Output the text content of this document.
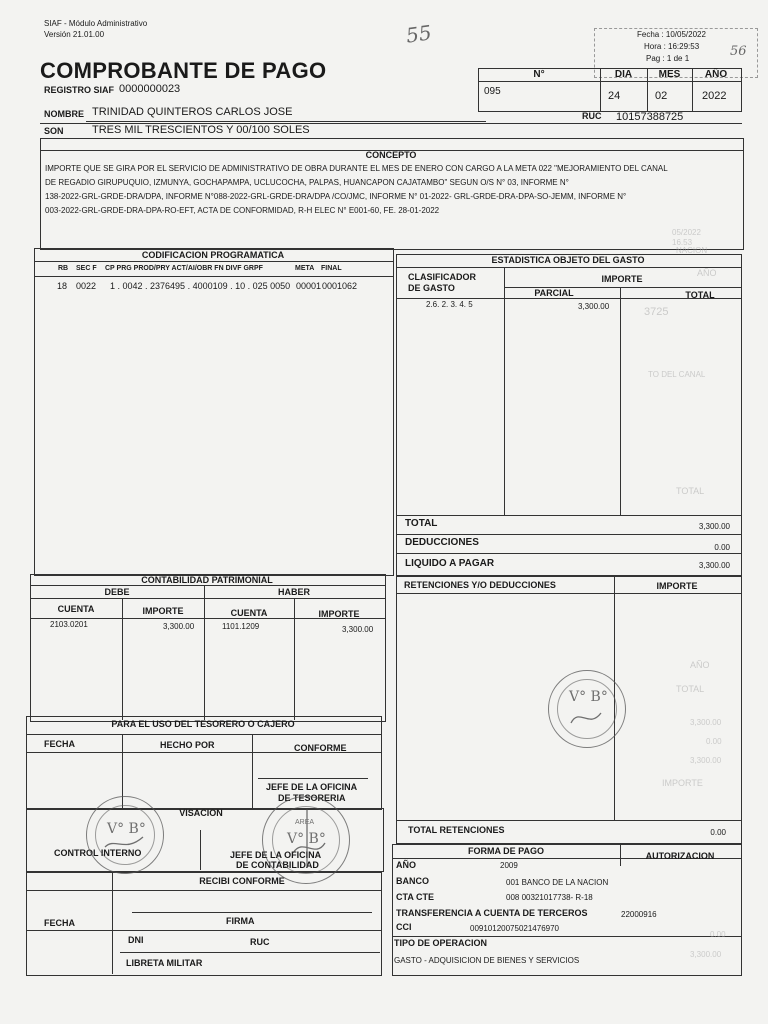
SIAF - Módulo Administrativo
Versión 21.01.00	55	Fecha : 10/05/2022
Hora : 16:29:53
Pag : 1 de 1	56
COMPROBANTE DE PAGO
REGISTRO SIAF 0000000023
N°
095
DIA	MES	AÑO
24	02	2022
NOMBRE TRINIDAD QUINTEROS CARLOS JOSE	RUC 10157388725
SON	TRES MIL TRESCIENTOS Y 00/100 SOLES
CONCEPTO
IMPORTE QUE SE GIRA POR EL SERVICIO DE ADMINISTRATIVO DE OBRA DURANTE EL MES DE ENERO CON CARGO A LA META 022 "MEJORAMIENTO DEL CANAL
DE REGADIO GIRUPUQUIO, IZMUNYA, GOCHAPAMPA, UCLUCOCHA, PALPAS, HUANCAPON CAJATAMBO" SEGUN O/S N° 03, INFORME N°
138-2022-GRL-GRDE-DRA/DPA, INFORME N°088-2022-GRL-GRDE-DRA/DPA /CO/JMC, INFORME N° 01-2022- GRL-GRDE-DRA-DPA-SO-JEMM, INFORME N°
003-2022-GRL-GRDE-DRA-DPA-RO-EFT, ACTA DE CONFORMIDAD, R-H ELEC N° E001-60, FE. 28-01-2022
CODIFICACION PROGRAMATICA
RB SEC F CP PRG PROD/PRY ACT/AI/OBR FN DIVF GRPF	META FINAL
18 0022 1 . 0042 . 2376495 . 4000109 . 10 . 025 0050 00001 0001062
ESTADISTICA OBJETO DEL GASTO
CLASIFICADOR
DE GASTO
IMPORTE
PARCIAL	TOTAL
2.6. 2. 3. 4. 5	3,300.00
TOTAL	3,300.00
DEDUCCIONES	0.00
LIQUIDO A PAGAR	3,300.00
CONTABILIDAD PATRIMONIAL
DEBE	HABER
CUENTA	IMPORTE	CUENTA	IMPORTE
2103.0201	3,300.00	1101.1209	3,300.00
RETENCIONES Y/O DEDUCCIONES	IMPORTE
TOTAL RETENCIONES	0.00
PARA EL USO DEL TESORERO O CAJERO
FECHA	HECHO POR	CONFORME
JEFE DE LA OFICINA
DE TESORERIA
VISACION
CONTROL INTERNO	JEFE DE LA OFICINA
DE CONTABILIDAD
RECIBI CONFORME
FECHA	FIRMA
DNI	RUC
LIBRETA MILITAR
FORMA DE PAGO	AUTORIZACION
AÑO	2009
BANCO	001 BANCO DE LA NACION
CTA CTE	008 00321017738- R-18
TRANSFERENCIA A CUENTA DE TERCEROS	22000916
CCI	00910120075021476970
TIPO DE OPERACION
GASTO - ADQUISICION DE BIENES Y SERVICIOS
V° B°
V° B°	AREA
V° B°
05/2022
16.53
NACION
AÑO
3725
TO DEL CANAL
TOTAL
AÑO
TOTAL
IMPORTE
3,300.00
0.00
3,300.00
0.00
3,300.00
